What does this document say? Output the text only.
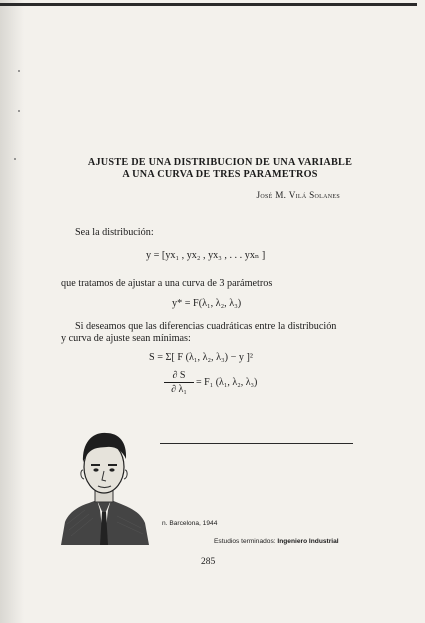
AJUSTE DE UNA DISTRIBUCION DE UNA VARIABLE
A UNA CURVA DE TRES PARAMETROS
José M. Vilá Solanes
Sea la distribución:
y = [yx₁ , yx₂ , yx₃ , . . . yxₙ ]
que tratamos de ajustar a una curva de 3 parámetros
y* = F(λ₁, λ₂, λ₃)
Si deseamos que las diferencias cuadráticas entre la distribución
y curva de ajuste sean mínimas:
S = Σ[ F (λ₁, λ₂, λ₃) − y ]²
$\frac{\partial S}{\text{∂ λ₁}} = F_1$ (λ₁, λ₂, λ₃)
n. Barcelona, 1944
Estudios terminados: Ingeniero Industrial
285
